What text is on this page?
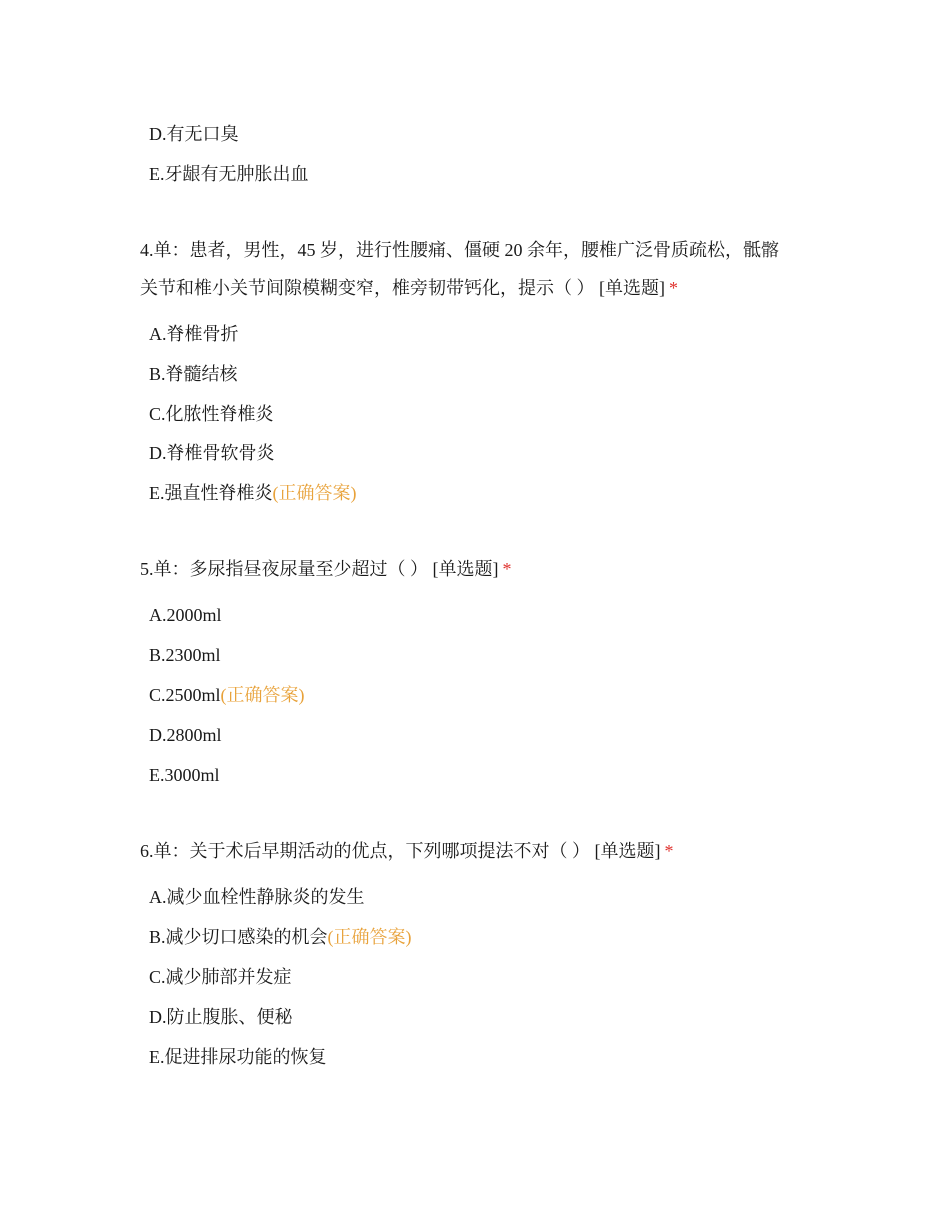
D.有无口臭
E.牙龈有无肿胀出血
4.单：患者，男性，45 岁，进行性腰痛、僵硬 20 余年，腰椎广泛骨质疏松，骶髂
关节和椎小关节间隙模糊变窄，椎旁韧带钙化，提示（ ） [单选题] *
A.脊椎骨折
B.脊髓结核
C.化脓性脊椎炎
D.脊椎骨软骨炎
E.强直性脊椎炎(正确答案)
5.单：多尿指昼夜尿量至少超过（ ） [单选题] *
A.2000ml
B.2300ml
C.2500ml(正确答案)
D.2800ml
E.3000ml
6.单：关于术后早期活动的优点，下列哪项提法不对（ ） [单选题] *
A.减少血栓性静脉炎的发生
B.减少切口感染的机会(正确答案)
C.减少肺部并发症
D.防止腹胀、便秘
E.促进排尿功能的恢复
